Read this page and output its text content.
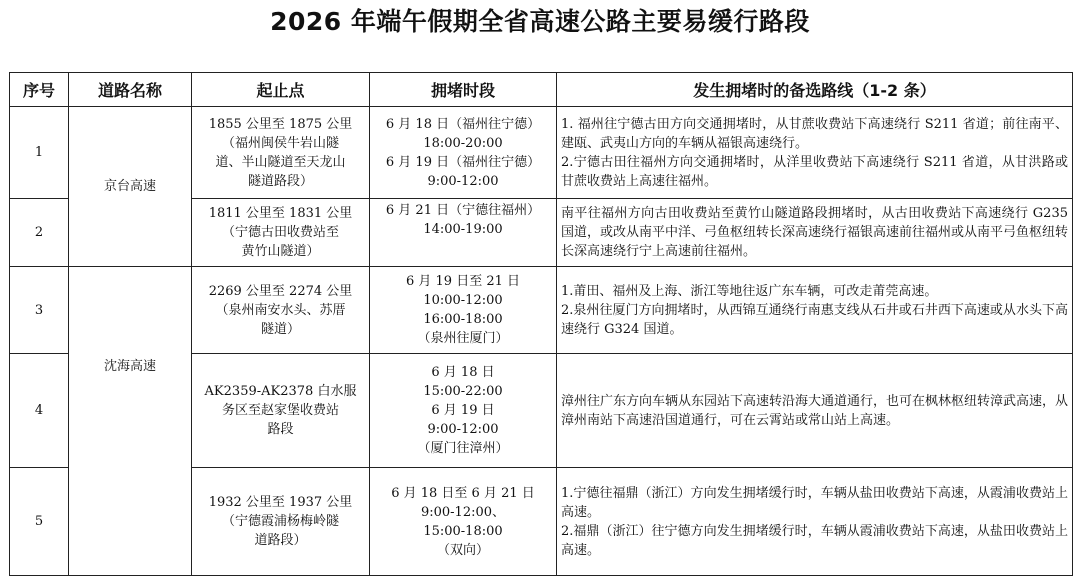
2026 年端午假期全省高速公路主要易缓行路段
序号	道路名称	起止点	拥堵时段	发生拥堵时的备选路线（1-2 条）
1	京台高速	1855 公里至 1875 公里
（福州闽侯牛岩山隧
道、半山隧道至天龙山
隧道路段）	6 月 18 日（福州往宁德）
18:00-20:00
6 月 19 日（福州往宁德）
9:00-12:00	1. 福州往宁德古田方向交通拥堵时，从甘蔗收费站下高速绕行 S211 省道；前往南平、建瓯、武夷山方向的车辆从福银高速绕行。
2.宁德古田往福州方向交通拥堵时，从洋里收费站下高速绕行 S211 省道，从甘洪路或甘蔗收费站上高速往福州。
2		1811 公里至 1831 公里
（宁德古田收费站至
黄竹山隧道）	6 月 21 日（宁德往福州）
14:00-19:00	南平往福州方向古田收费站至黄竹山隧道路段拥堵时，从古田收费站下高速绕行 G235 国道，或改从南平中洋、弓鱼枢纽转长深高速绕行福银高速前往福州或从南平弓鱼枢纽转长深高速绕行宁上高速前往福州。
3	沈海高速	2269 公里至 2274 公里
（泉州南安水头、苏厝
隧道）	6 月 19 日至 21 日
10:00-12:00
16:00-18:00
（泉州往厦门）	1.莆田、福州及上海、浙江等地往返广东车辆，可改走莆莞高速。
2.泉州往厦门方向拥堵时，从西锦互通绕行南惠支线从石井或石井西下高速或从水头下高速绕行 G324 国道。
4		AK2359-AK2378 白水服
务区至赵家堡收费站
路段	6 月 18 日
15:00-22:00
6 月 19 日
9:00-12:00
（厦门往漳州）	漳州往广东方向车辆从东园站下高速转沿海大通道通行，也可在枫林枢纽转漳武高速，从漳州南站下高速沿国道通行，可在云霄站或常山站上高速。
5		1932 公里至 1937 公里
（宁德霞浦杨梅岭隧
道路段）	6 月 18 日至 6 月 21 日
9:00-12:00、
15:00-18:00
（双向）	1.宁德往福鼎（浙江）方向发生拥堵缓行时，车辆从盐田收费站下高速，从霞浦收费站上高速。
2.福鼎（浙江）往宁德方向发生拥堵缓行时，车辆从霞浦收费站下高速，从盐田收费站上高速。
